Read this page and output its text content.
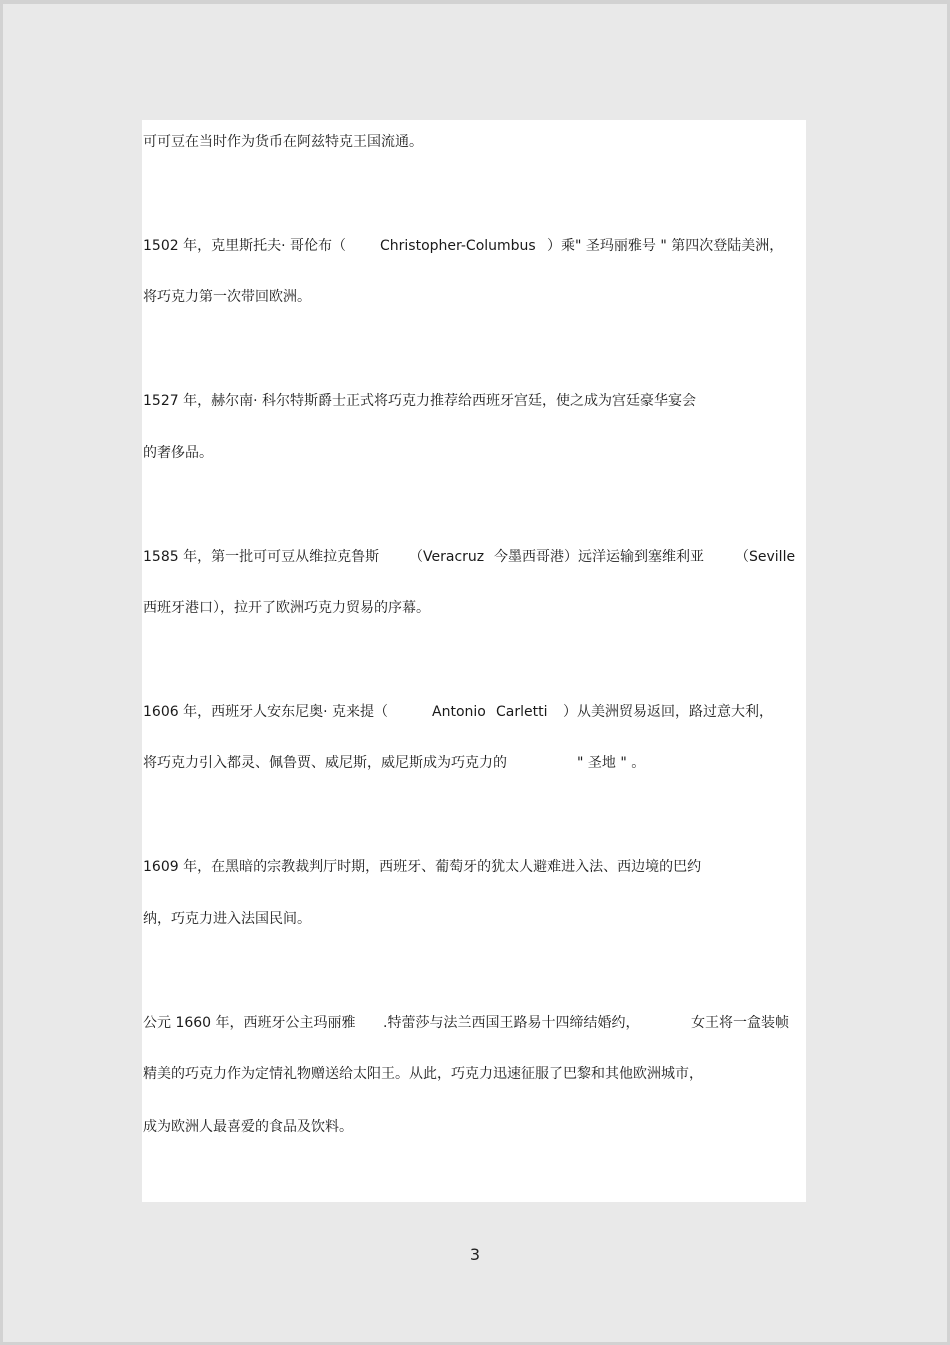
可可豆在当时作为货币在阿兹特克王国流通。
1502 年，克里斯托夫· 哥伦布（ Christopher-Columbus ）乘" 圣玛丽雅号 " 第四次登陆美洲，
将巧克力第一次带回欧洲。
1527 年，赫尔南· 科尔特斯爵士正式将巧克力推荐给西班牙宫廷，使之成为宫廷豪华宴会
的奢侈品。
1585 年，第一批可可豆从维拉克鲁斯 （Veracruz 今墨西哥港）远洋运输到塞维利亚 （Seville
西班牙港口），拉开了欧洲巧克力贸易的序幕。
1606 年，西班牙人安东尼奥· 克来提（	Antonio Carletti ）从美洲贸易返回，路过意大利，
将巧克力引入都灵、佩鲁贾、威尼斯，威尼斯成为巧克力的	" 圣地 " 。
1609 年，在黑暗的宗教裁判厅时期，西班牙、葡萄牙的犹太人避难进入法、西边境的巴约
纳，巧克力进入法国民间。
公元 1660 年，西班牙公主玛丽雅 .特蕾莎与法兰西国王路易十四缔结婚约，	女王将一盒装帧
精美的巧克力作为定情礼物赠送给太阳王。从此，巧克力迅速征服了巴黎和其他欧洲城市，
成为欧洲人最喜爱的食品及饮料。
3
